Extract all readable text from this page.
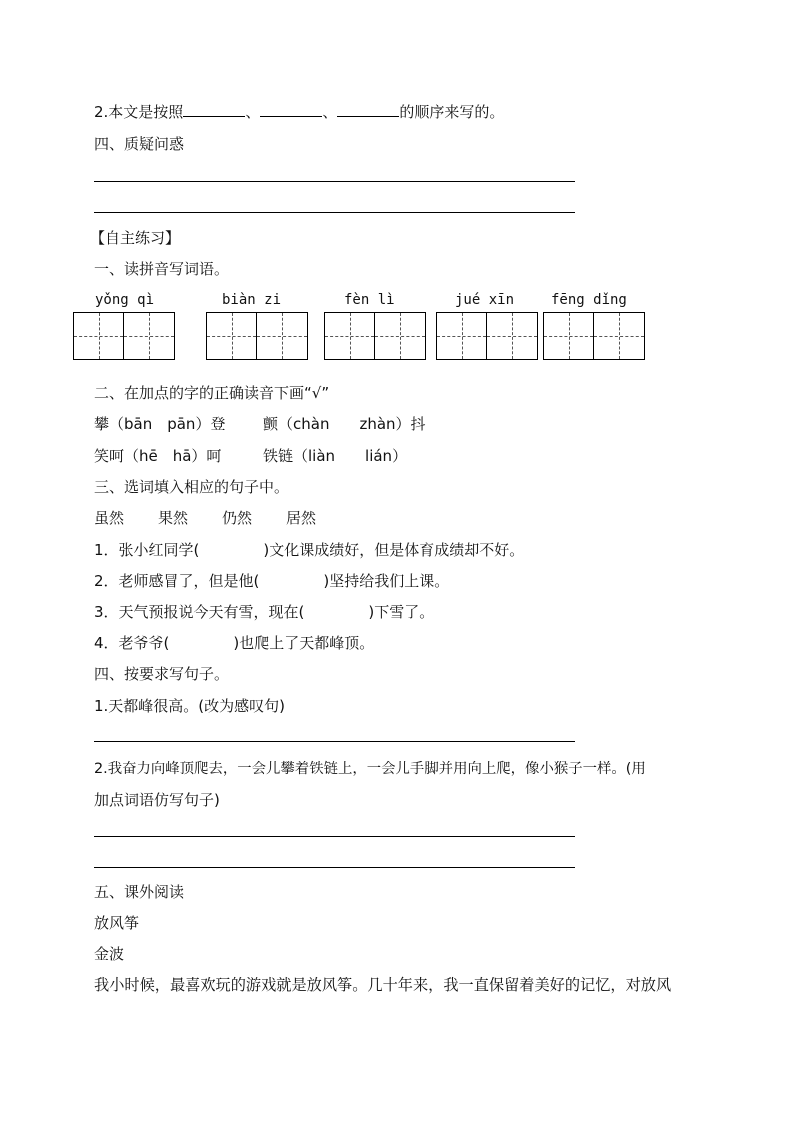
2.本文是按照	、	、	的顺序来写的。
四、质疑问惑
【自主练习】
一、读拼音写词语。
yǒng qì	biàn zi	fèn lì	jué xīn	fēng dǐng
二、在加点的字的正确读音下画“√”
攀（bān　pān）登	颤（chàn　　zhàn）抖
笑呵（hē　hā）呵	铁链（liàn　　lián）
三、选词填入相应的句子中。
虽然 果然 仍然 居然
1．张小红同学(	)文化课成绩好，但是体育成绩却不好。
2．老师感冒了，但是他(	)坚持给我们上课。
3．天气预报说今天有雪，现在(	)下雪了。
4．老爷爷(	)也爬上了天都峰顶。
四、按要求写句子。
1.天都峰很高。(改为感叹句)
2.我奋力向峰顶爬去，一会儿攀着铁链上，一会儿手脚并用向上爬，像小猴子一样。(用
加点词语仿写句子)
五、课外阅读
放风筝
金波
我小时候，最喜欢玩的游戏就是放风筝。几十年来，我一直保留着美好的记忆，对放风
